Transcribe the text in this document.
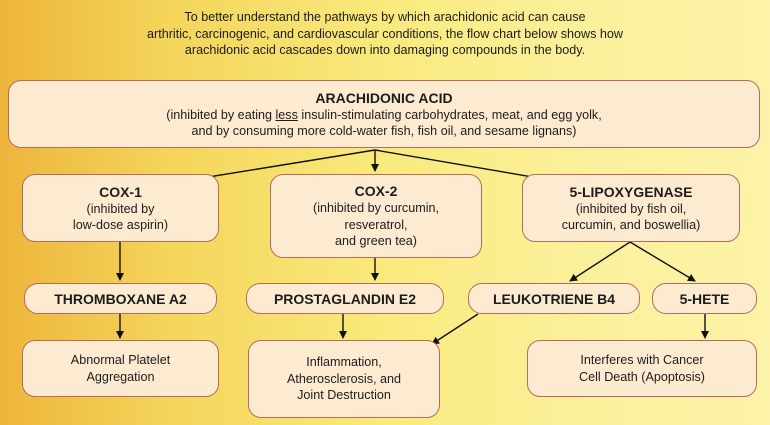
To better understand the pathways by which arachidonic acid can cause
arthritic, carcinogenic, and cardiovascular conditions, the flow chart below shows how
arachidonic acid cascades down into damaging compounds in the body.
ARACHIDONIC ACID
(inhibited by eating less insulin-stimulating carbohydrates, meat, and egg yolk,
and by consuming more cold-water fish, fish oil, and sesame lignans)
COX-1
(inhibited by
low-dose aspirin)
COX-2
(inhibited by curcumin,
resveratrol,
and green tea)
5-LIPOXYGENASE
(inhibited by fish oil,
curcumin, and boswellia)
THROMBOXANE A2	PROSTAGLANDIN E2	LEUKOTRIENE B4	5-HETE
Abnormal Platelet
Aggregation
Inflammation,
Atherosclerosis, and
Joint Destruction
Interferes with Cancer
Cell Death (Apoptosis)
